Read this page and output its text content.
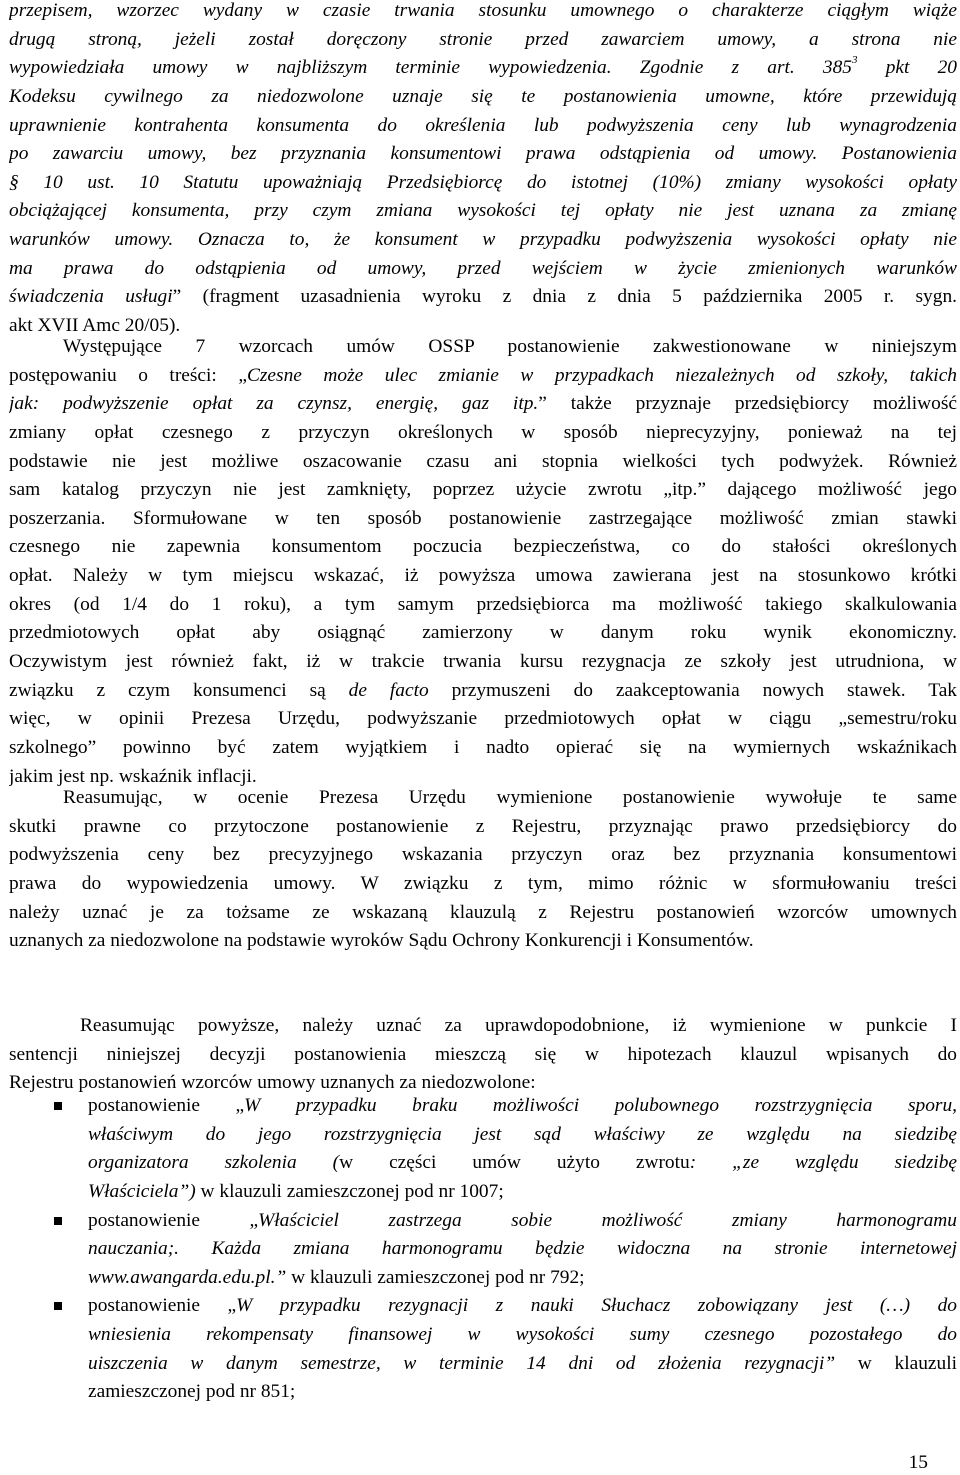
przepisem, wzorzec wydany w czasie trwania stosunku umownego o charakterze ciągłym wiąże
drugą stroną, jeżeli został doręczony stronie przed zawarciem umowy, a strona nie
wypowiedziała umowy w najbliższym terminie wypowiedzenia. Zgodnie z art. $385^3$ pkt 20
Kodeksu cywilnego za niedozwolone uznaje się te postanowienia umowne, które przewidują
uprawnienie kontrahenta konsumenta do określenia lub podwyższenia ceny lub wynagrodzenia
po zawarciu umowy, bez przyznania konsumentowi prawa odstąpienia od umowy. Postanowienia
§ 10 ust. 10 Statutu upoważniają Przedsiębiorcę do istotnej (10%) zmiany wysokości opłaty
obciążającej konsumenta, przy czym zmiana wysokości tej opłaty nie jest uznana za zmianę
warunków umowy. Oznacza to, że konsument w przypadku podwyższenia wysokości opłaty nie
ma prawa do odstąpienia od umowy, przed wejściem w życie zmienionych warunków
świadczenia usługi” (fragment uzasadnienia wyroku z dnia z dnia 5 października 2005 r. sygn.
akt XVII Amc 20/05).
Występujące 7 wzorcach umów OSSP postanowienie zakwestionowane w niniejszym
postępowaniu o treści: „Czesne może ulec zmianie w przypadkach niezależnych od szkoły, takich
jak: podwyższenie opłat za czynsz, energię, gaz itp.” także przyznaje przedsiębiorcy możliwość
zmiany opłat czesnego z przyczyn określonych w sposób nieprecyzyjny, ponieważ na tej
podstawie nie jest możliwe oszacowanie czasu ani stopnia wielkości tych podwyżek. Również
sam katalog przyczyn nie jest zamknięty, poprzez użycie zwrotu „itp.” dającego możliwość jego
poszerzania. Sformułowane w ten sposób postanowienie zastrzegające możliwość zmian stawki
czesnego nie zapewnia konsumentom poczucia bezpieczeństwa, co do stałości określonych
opłat. Należy w tym miejscu wskazać, iż powyższa umowa zawierana jest na stosunkowo krótki
okres (od 1/4 do 1 roku), a tym samym przedsiębiorca ma możliwość takiego skalkulowania
przedmiotowych opłat aby osiągnąć zamierzony w danym roku wynik ekonomiczny.
Oczywistym jest również fakt, iż w trakcie trwania kursu rezygnacja ze szkoły jest utrudniona, w
związku z czym konsumenci są de facto przymuszeni do zaakceptowania nowych stawek. Tak
więc, w opinii Prezesa Urzędu, podwyższanie przedmiotowych opłat w ciągu „semestru/roku
szkolnego” powinno być zatem wyjątkiem i nadto opierać się na wymiernych wskaźnikach
jakim jest np. wskaźnik inflacji.
Reasumując, w ocenie Prezesa Urzędu wymienione postanowienie wywołuje te same
skutki prawne co przytoczone postanowienie z Rejestru, przyznając prawo przedsiębiorcy do
podwyższenia ceny bez precyzyjnego wskazania przyczyn oraz bez przyznania konsumentowi
prawa do wypowiedzenia umowy. W związku z tym, mimo różnic w sformułowaniu treści
należy uznać je za tożsame ze wskazaną klauzulą z Rejestru postanowień wzorców umownych
uznanych za niedozwolone na podstawie wyroków Sądu Ochrony Konkurencji i Konsumentów.
Reasumując powyższe, należy uznać za uprawdopodobnione, iż wymienione w punkcie I
sentencji niniejszej decyzji postanowienia mieszczą się w hipotezach klauzul wpisanych do
Rejestru postanowień wzorców umowy uznanych za niedozwolone:
postanowienie „W przypadku braku możliwości polubownego rozstrzygnięcia sporu,
właściwym do jego rozstrzygnięcia jest sąd właściwy ze względu na siedzibę
organizatora szkolenia (w części umów użyto zwrotu: „ze względu siedzibę
Właściciela”) w klauzuli zamieszczonej pod nr 1007;
postanowienie „Właściciel zastrzega sobie możliwość zmiany harmonogramu
nauczania;. Każda zmiana harmonogramu będzie widoczna na stronie internetowej
www.awangarda.edu.pl.” w klauzuli zamieszczonej pod nr 792;
postanowienie „W przypadku rezygnacji z nauki Słuchacz zobowiązany jest (…) do
wniesienia rekompensaty finansowej w wysokości sumy czesnego pozostałego do
uiszczenia w danym semestrze, w terminie 14 dni od złożenia rezygnacji” w klauzuli
zamieszczonej pod nr 851;
15
